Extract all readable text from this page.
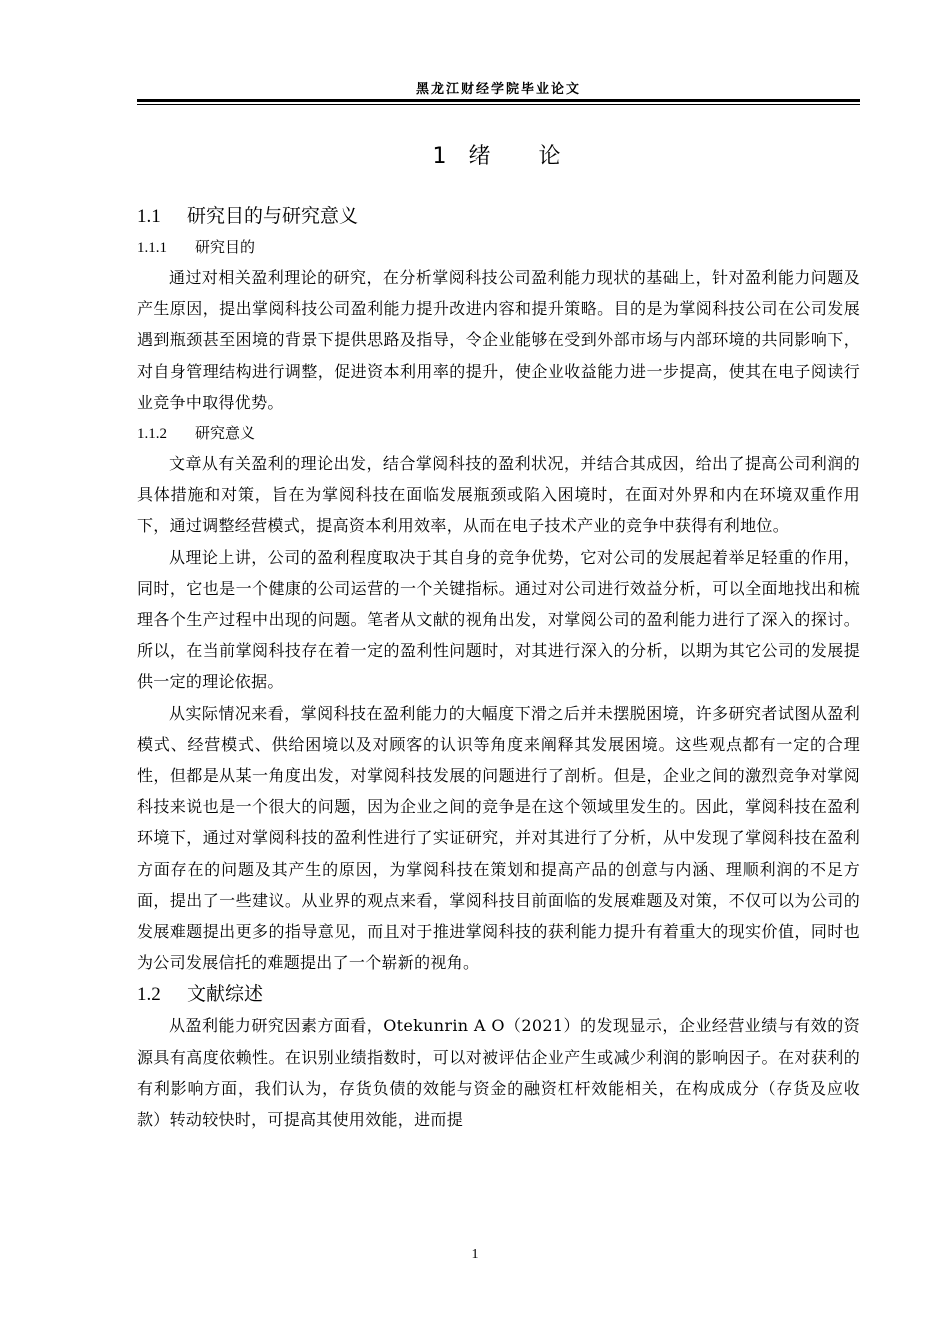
黑龙江财经学院毕业论文
1 绪 论
1.1 研究目的与研究意义
1.1.1 研究目的

通过对相关盈利理论的研究，在分析掌阅科技公司盈利能力现状的基础上，针对盈利能力问题及产生原因，提出掌阅科技公司盈利能力提升改进内容和提升策略。目的是为掌阅科技公司在公司发展遇到瓶颈甚至困境的背景下提供思路及指导，令企业能够在受到外部市场与内部环境的共同影响下，对自身管理结构进行调整，促进资本利用率的提升，使企业收益能力进一步提高，使其在电子阅读行业竞争中取得优势。

1.1.2 研究意义

文章从有关盈利的理论出发，结合掌阅科技的盈利状况，并结合其成因，给出了提高公司利润的具体措施和对策，旨在为掌阅科技在面临发展瓶颈或陷入困境时，在面对外界和内在环境双重作用下，通过调整经营模式，提高资本利用效率，从而在电子技术产业的竞争中获得有利地位。

从理论上讲，公司的盈利程度取决于其自身的竞争优势，它对公司的发展起着举足轻重的作用，同时，它也是一个健康的公司运营的一个关键指标。通过对公司进行效益分析，可以全面地找出和梳理各个生产过程中出现的问题。笔者从文献的视角出发，对掌阅公司的盈利能力进行了深入的探讨。所以，在当前掌阅科技存在着一定的盈利性问题时，对其进行深入的分析，以期为其它公司的发展提供一定的理论依据。

从实际情况来看，掌阅科技在盈利能力的大幅度下滑之后并未摆脱困境，许多研究者试图从盈利模式、经营模式、供给困境以及对顾客的认识等角度来阐释其发展困境。这些观点都有一定的合理性，但都是从某一角度出发，对掌阅科技发展的问题进行了剖析。但是，企业之间的激烈竞争对掌阅科技来说也是一个很大的问题，因为企业之间的竞争是在这个领域里发生的。因此，掌阅科技在盈利环境下，通过对掌阅科技的盈利性进行了实证研究，并对其进行了分析，从中发现了掌阅科技在盈利方面存在的问题及其产生的原因，为掌阅科技在策划和提高产品的创意与内涵、理顺利润的不足方面，提出了一些建议。从业界的观点来看，掌阅科技目前面临的发展难题及对策，不仅可以为公司的发展难题提出更多的指导意见，而且对于推进掌阅科技的获利能力提升有着重大的现实价值，同时也为公司发展信托的难题提出了一个崭新的视角。

1.2 文献综述

从盈利能力研究因素方面看，Otekunrin A O（2021）的发现显示，企业经营业绩与有效的资源具有高度依赖性。在识别业绩指数时，可以对被评估企业产生或减少利润的影响因子。在对获利的有利影响方面，我们认为，存货负债的效能与资金的融资杠杆效能相关，在构成成分（存货及应收款）转动较快时，可提高其使用效能，进而提

1
